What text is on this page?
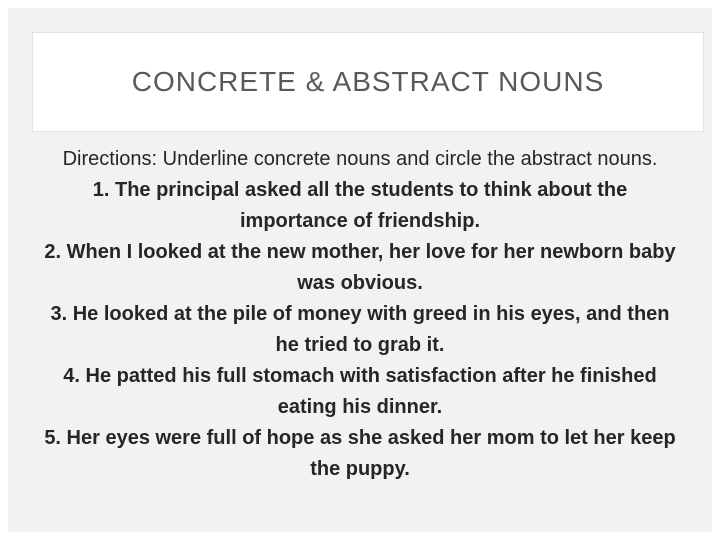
CONCRETE & ABSTRACT NOUNS

Directions: Underline concrete nouns and circle the abstract nouns.

1. The principal asked all the students to think about the importance of friendship.

2. When I looked at the new mother, her love for her newborn baby was obvious.

3. He looked at the pile of money with greed in his eyes, and then he tried to grab it.

4. He patted his full stomach with satisfaction after he finished eating his dinner.

5. Her eyes were full of hope as she asked her mom to let her keep the puppy.
